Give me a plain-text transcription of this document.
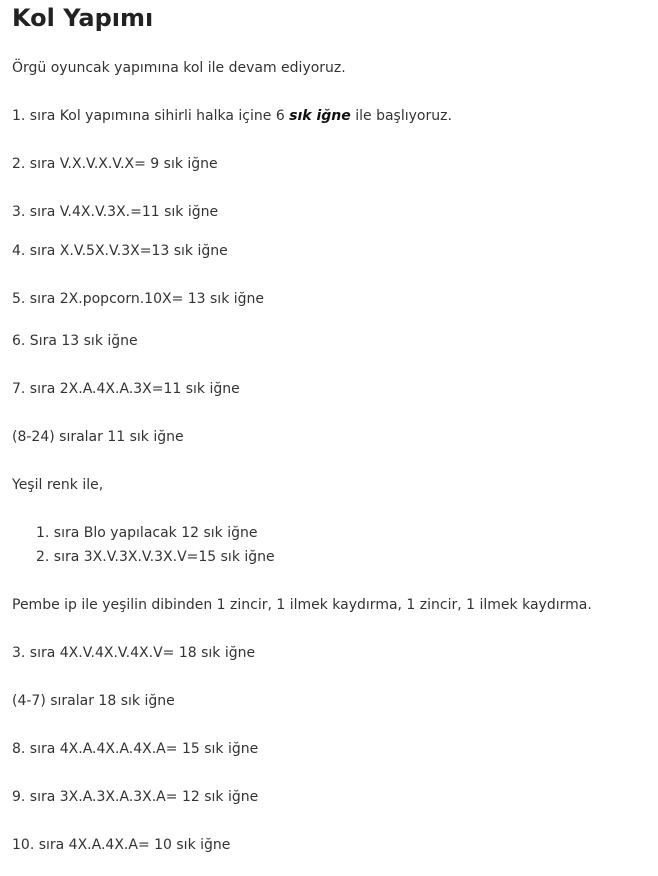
Kol Yapımı

Örgü oyuncak yapımına kol ile devam ediyoruz.

1. sıra Kol yapımına sihirli halka içine 6 sık iğne ile başlıyoruz.

2. sıra V.X.V.X.V.X= 9 sık iğne

3. sıra V.4X.V.3X.=11 sık iğne

4. sıra X.V.5X.V.3X=13 sık iğne

5. sıra 2X.popcorn.10X= 13 sık iğne

6. Sıra 13 sık iğne

7. sıra 2X.A.4X.A.3X=11 sık iğne

(8-24) sıralar 11 sık iğne

Yeşil renk ile,

1. sıra Blo yapılacak 12 sık iğne

2. sıra 3X.V.3X.V.3X.V=15 sık iğne

Pembe ip ile yeşilin dibinden 1 zincir, 1 ilmek kaydırma, 1 zincir, 1 ilmek kaydırma.

3. sıra 4X.V.4X.V.4X.V= 18 sık iğne

(4-7) sıralar 18 sık iğne

8. sıra 4X.A.4X.A.4X.A= 15 sık iğne

9. sıra 3X.A.3X.A.3X.A= 12 sık iğne

10. sıra 4X.A.4X.A= 10 sık iğne
